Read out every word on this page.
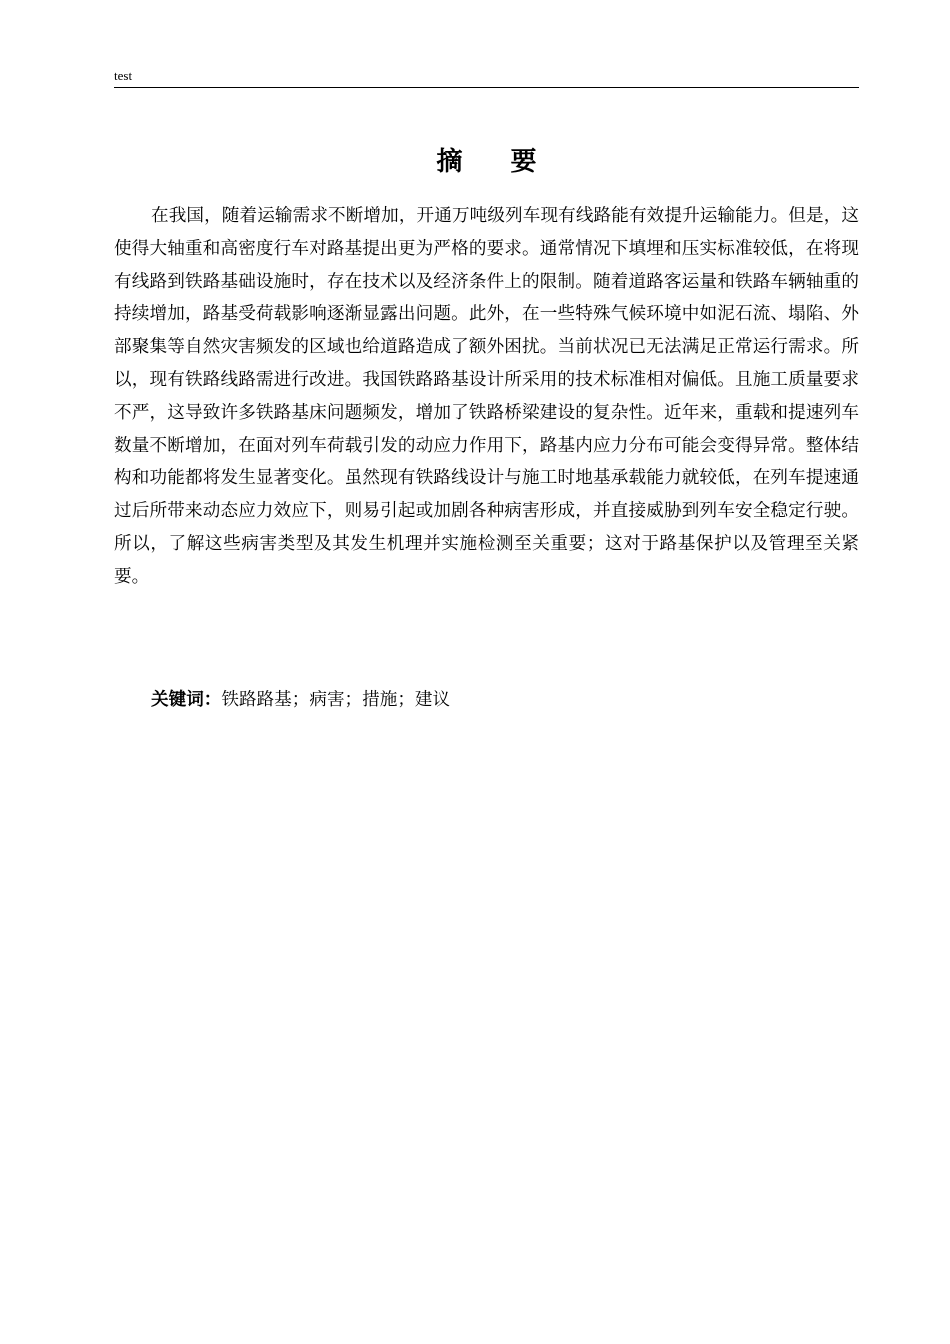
test
摘要

在我国，随着运输需求不断增加，开通万吨级列车现有线路能有效提升运输能力。但是，这使得大轴重和高密度行车对路基提出更为严格的要求。通常情况下填埋和压实标准较低，在将现有线路到铁路基础设施时，存在技术以及经济条件上的限制。随着道路客运量和铁路车辆轴重的持续增加，路基受荷载影响逐渐显露出问题。此外，在一些特殊气候环境中如泥石流、塌陷、外部聚集等自然灾害频发的区域也给道路造成了额外困扰。当前状况已无法满足正常运行需求。所以，现有铁路线路需进行改进。我国铁路路基设计所采用的技术标准相对偏低。且施工质量要求不严，这导致许多铁路基床问题频发，增加了铁路桥梁建设的复杂性。近年来，重载和提速列车数量不断增加，在面对列车荷载引发的动应力作用下，路基内应力分布可能会变得异常。整体结构和功能都将发生显著变化。虽然现有铁路线设计与施工时地基承载能力就较低，在列车提速通过后所带来动态应力效应下，则易引起或加剧各种病害形成，并直接威胁到列车安全稳定行驶。所以，了解这些病害类型及其发生机理并实施检测至关重要；这对于路基保护以及管理至关紧要。

关键词：铁路路基；病害；措施；建议
